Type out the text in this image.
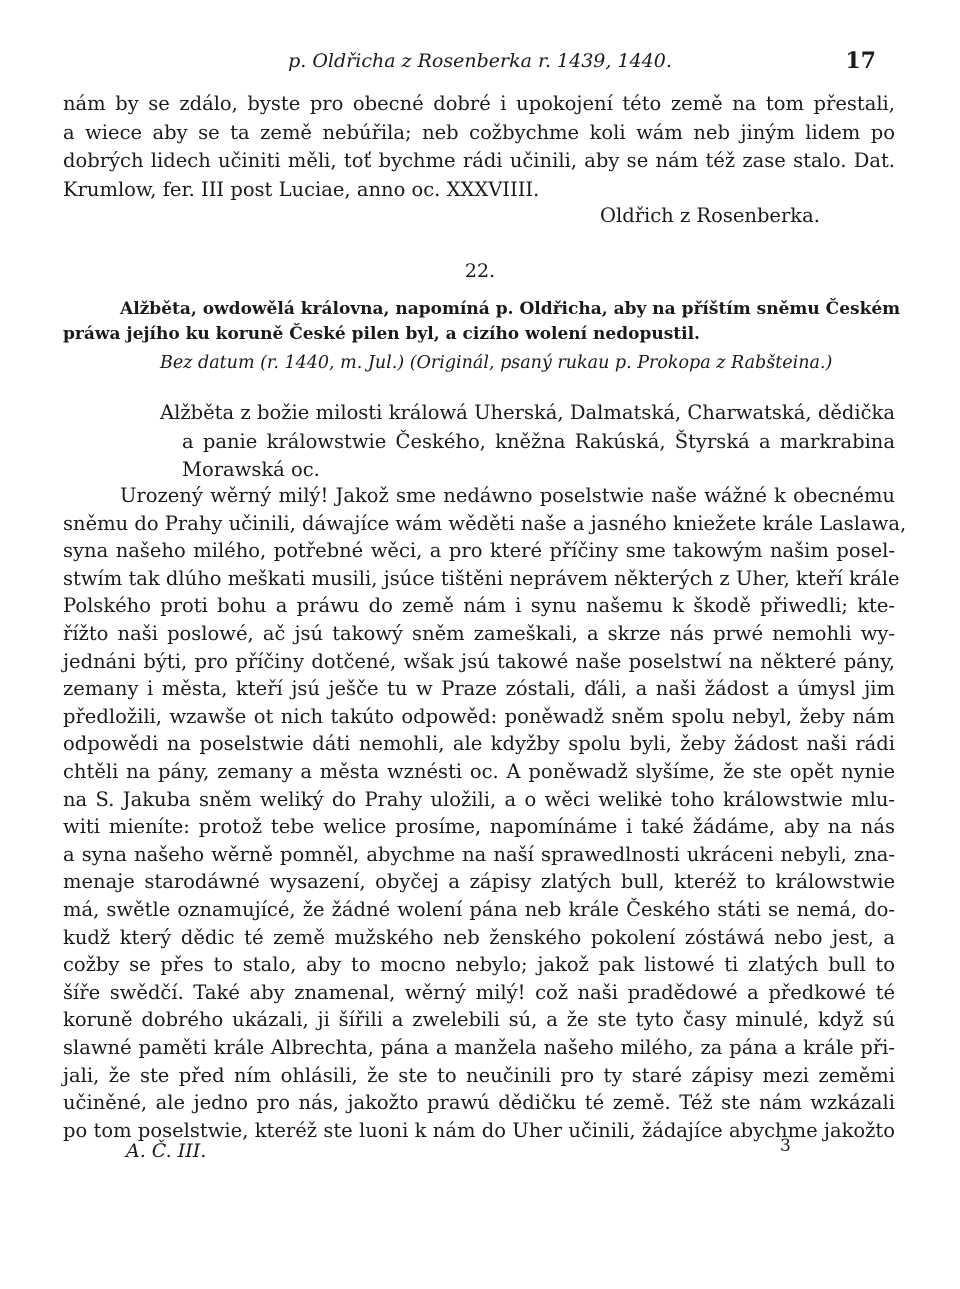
p. Oldřicha z Rosenberka r. 1439, 1440.	17
nám by se zdálo, byste pro obecné dobré i upokojení této země na tom přestali,
a wiece aby se ta země nebúřila; neb cožbychme koli wám neb jiným lidem po
dobrých lidech učiniti měli, toť bychme rádi učinili, aby se nám též zase stalo. Dat.
Krumlow, fer. III post Luciae, anno oc. XXXVIIII.
Oldřich z Rosenberka.
22.
Alžběta, owdowělá královna, napomíná p. Oldřicha, aby na příštím sněmu Českém
práwa jejího ku koruně České pilen byl, a cizího wolení nedopustil.
Bez datum (r. 1440, m. Jul.) (Originál, psaný rukau p. Prokopa z Rabšteina.)
Alžběta z božie milosti králowá Uherská, Dalmatská, Charwatská, dědička
a panie králowstwie Českého, kněžna Rakúská, Štyrská a markrabina
Morawská oc.
Urozený wěrný milý! Jakož sme nedáwno poselstwie naše wážné k obecnému
sněmu do Prahy učinili, dáwajíce wám wěděti naše a jasného kniežete krále Laslawa,
syna našeho milého, potřebné wěci, a pro které příčiny sme takowým našim posel-
stwím tak dlúho meškati musili, jsúce tištěni neprávem některých z Uher, kteří krále
Polského proti bohu a práwu do země nám i synu našemu k škodě přiwedli; kte-
řížto naši poslowé, ač jsú takowý sněm zameškali, a skrze nás prwé nemohli wy-
jednáni býti, pro příčiny dotčené, wšak jsú takowé naše poselstwí na některé pány,
zemany i města, kteří jsú ješče tu w Praze zóstali, ďáli, a naši žádost a úmysl jim
předložili, wzawše ot nich takúto odpowěd: poněwadž sněm spolu nebyl, žeby nám
odpowědi na poselstwie dáti nemohli, ale kdyžby spolu byli, žeby žádost naši rádi
chtěli na pány, zemany a města wznésti oc. A poněwadž slyšíme, že ste opět nynie
na S. Jakuba sněm weliký do Prahy uložili, a o wěci welikė toho králowstwie mlu-
witi mieníte: protož tebe welice prosíme, napomínáme i také žádáme, aby na nás
a syna našeho wěrně pomněl, abychme na naší sprawedlnosti ukráceni nebyli, zna-
menaje starodáwné wysazení, obyčej a zápisy zlatých bull, kteréž to králowstwie
má, swětle oznamujícé, že žádné wolení pána neb krále Českého státi se nemá, do-
kudž který dědic té země mužského neb ženského pokolení zóstáwá nebo jest, a
cožby se přes to stalo, aby to mocno nebylo; jakož pak listowé ti zlatých bull to
šíře swědčí. Také aby znamenal, wěrný milý! což naši pradědowé a předkowé té
koruně dobrého ukázali, ji šířili a zwelebili sú, a že ste tyto časy minulé, když sú
slawné paměti krále Albrechta, pána a manžela našeho milého, za pána a krále při-
jali, že ste před ním ohlásili, že ste to neučinili pro ty staré zápisy mezi zeměmi
učiněné, ale jedno pro nás, jakožto prawú dědičku té země. Též ste nám wzkázali
po tom poselstwie, kteréž ste luoni k nám do Uher učinili, žádajíce abychme jakožto
A. Č. III.	3
